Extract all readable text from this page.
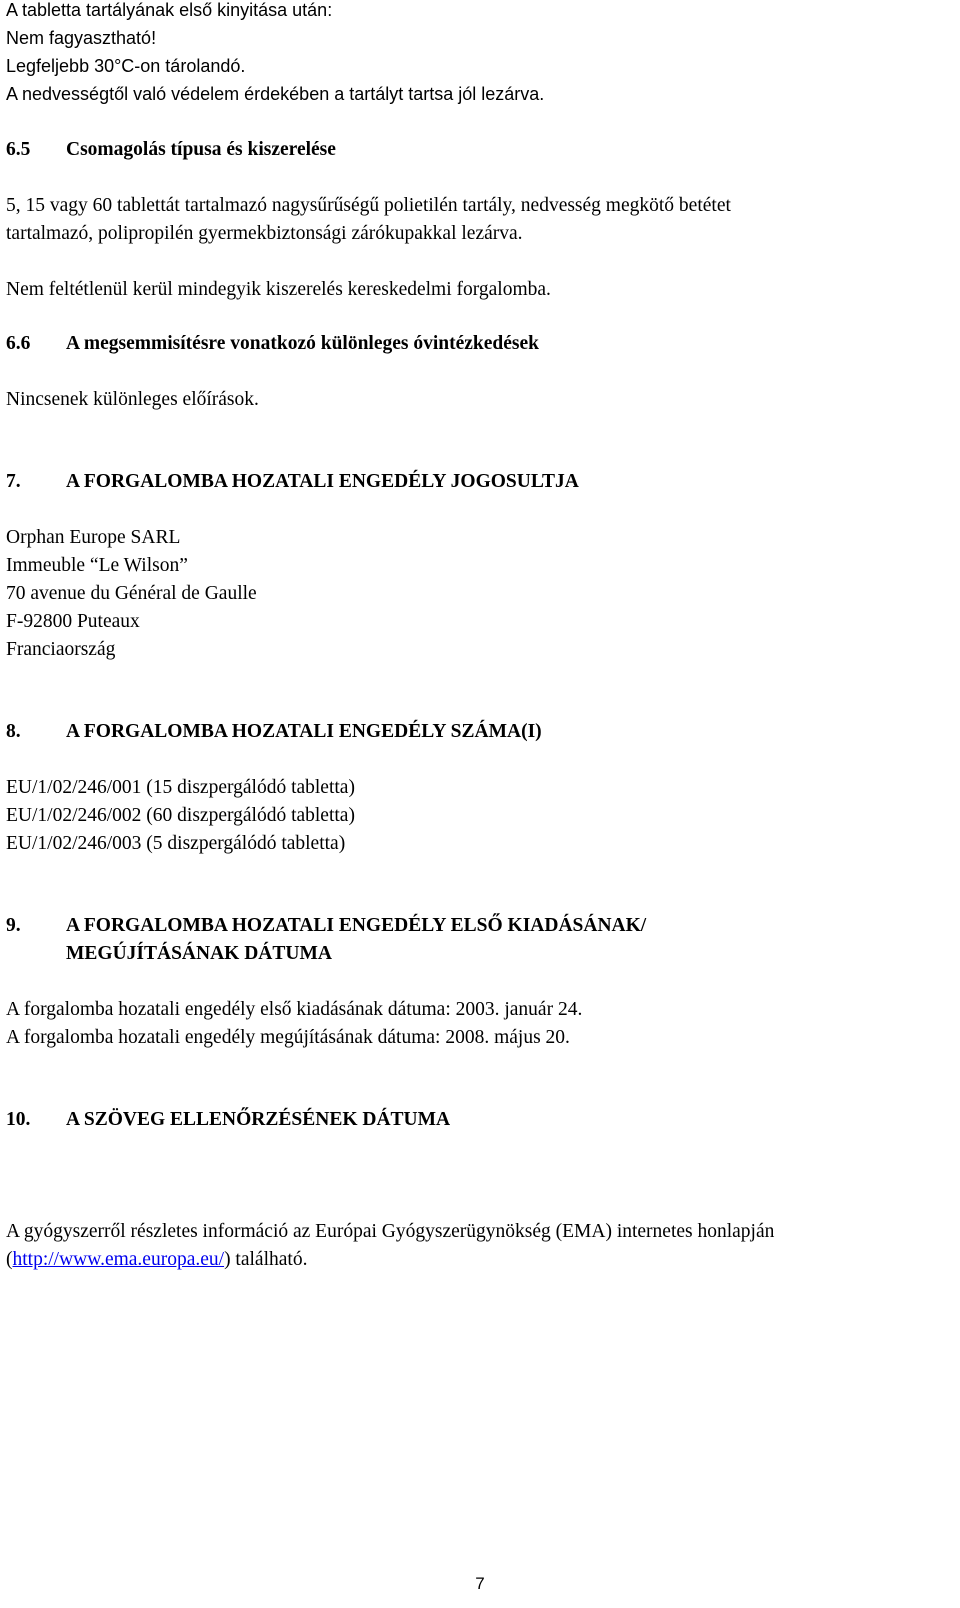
A tabletta tartályának első kinyitása után:
Nem fagyasztható!
Legfeljebb 30°C-on tárolandó.
A nedvességtől való védelem érdekében a tartályt tartsa jól lezárva.
6.5	Csomagolás típusa és kiszerelése
5, 15 vagy 60 tablettát tartalmazó nagysűrűségű polietilén tartály, nedvesség megkötő betétet
tartalmazó, polipropilén gyermekbiztonsági zárókupakkal lezárva.
Nem feltétlenül kerül mindegyik kiszerelés kereskedelmi forgalomba.
6.6	A megsemmisítésre vonatkozó különleges óvintézkedések
Nincsenek különleges előírások.
7.	A FORGALOMBA HOZATALI ENGEDÉLY JOGOSULTJA
Orphan Europe SARL
Immeuble “Le Wilson”
70 avenue du Général de Gaulle
F-92800 Puteaux
Franciaország
8.	A FORGALOMBA HOZATALI ENGEDÉLY SZÁMA(I)
EU/1/02/246/001 (15 diszpergálódó tabletta)
EU/1/02/246/002 (60 diszpergálódó tabletta)
EU/1/02/246/003 (5 diszpergálódó tabletta)
9.	A FORGALOMBA HOZATALI ENGEDÉLY ELSŐ KIADÁSÁNAK/
MEGÚJÍTÁSÁNAK DÁTUMA
A forgalomba hozatali engedély első kiadásának dátuma: 2003. január 24.
A forgalomba hozatali engedély megújításának dátuma: 2008. május 20.
10.	A SZÖVEG ELLENŐRZÉSÉNEK DÁTUMA
A gyógyszerről részletes információ az Európai Gyógyszerügynökség (EMA) internetes honlapján
(http://www.ema.europa.eu/) található.
7
